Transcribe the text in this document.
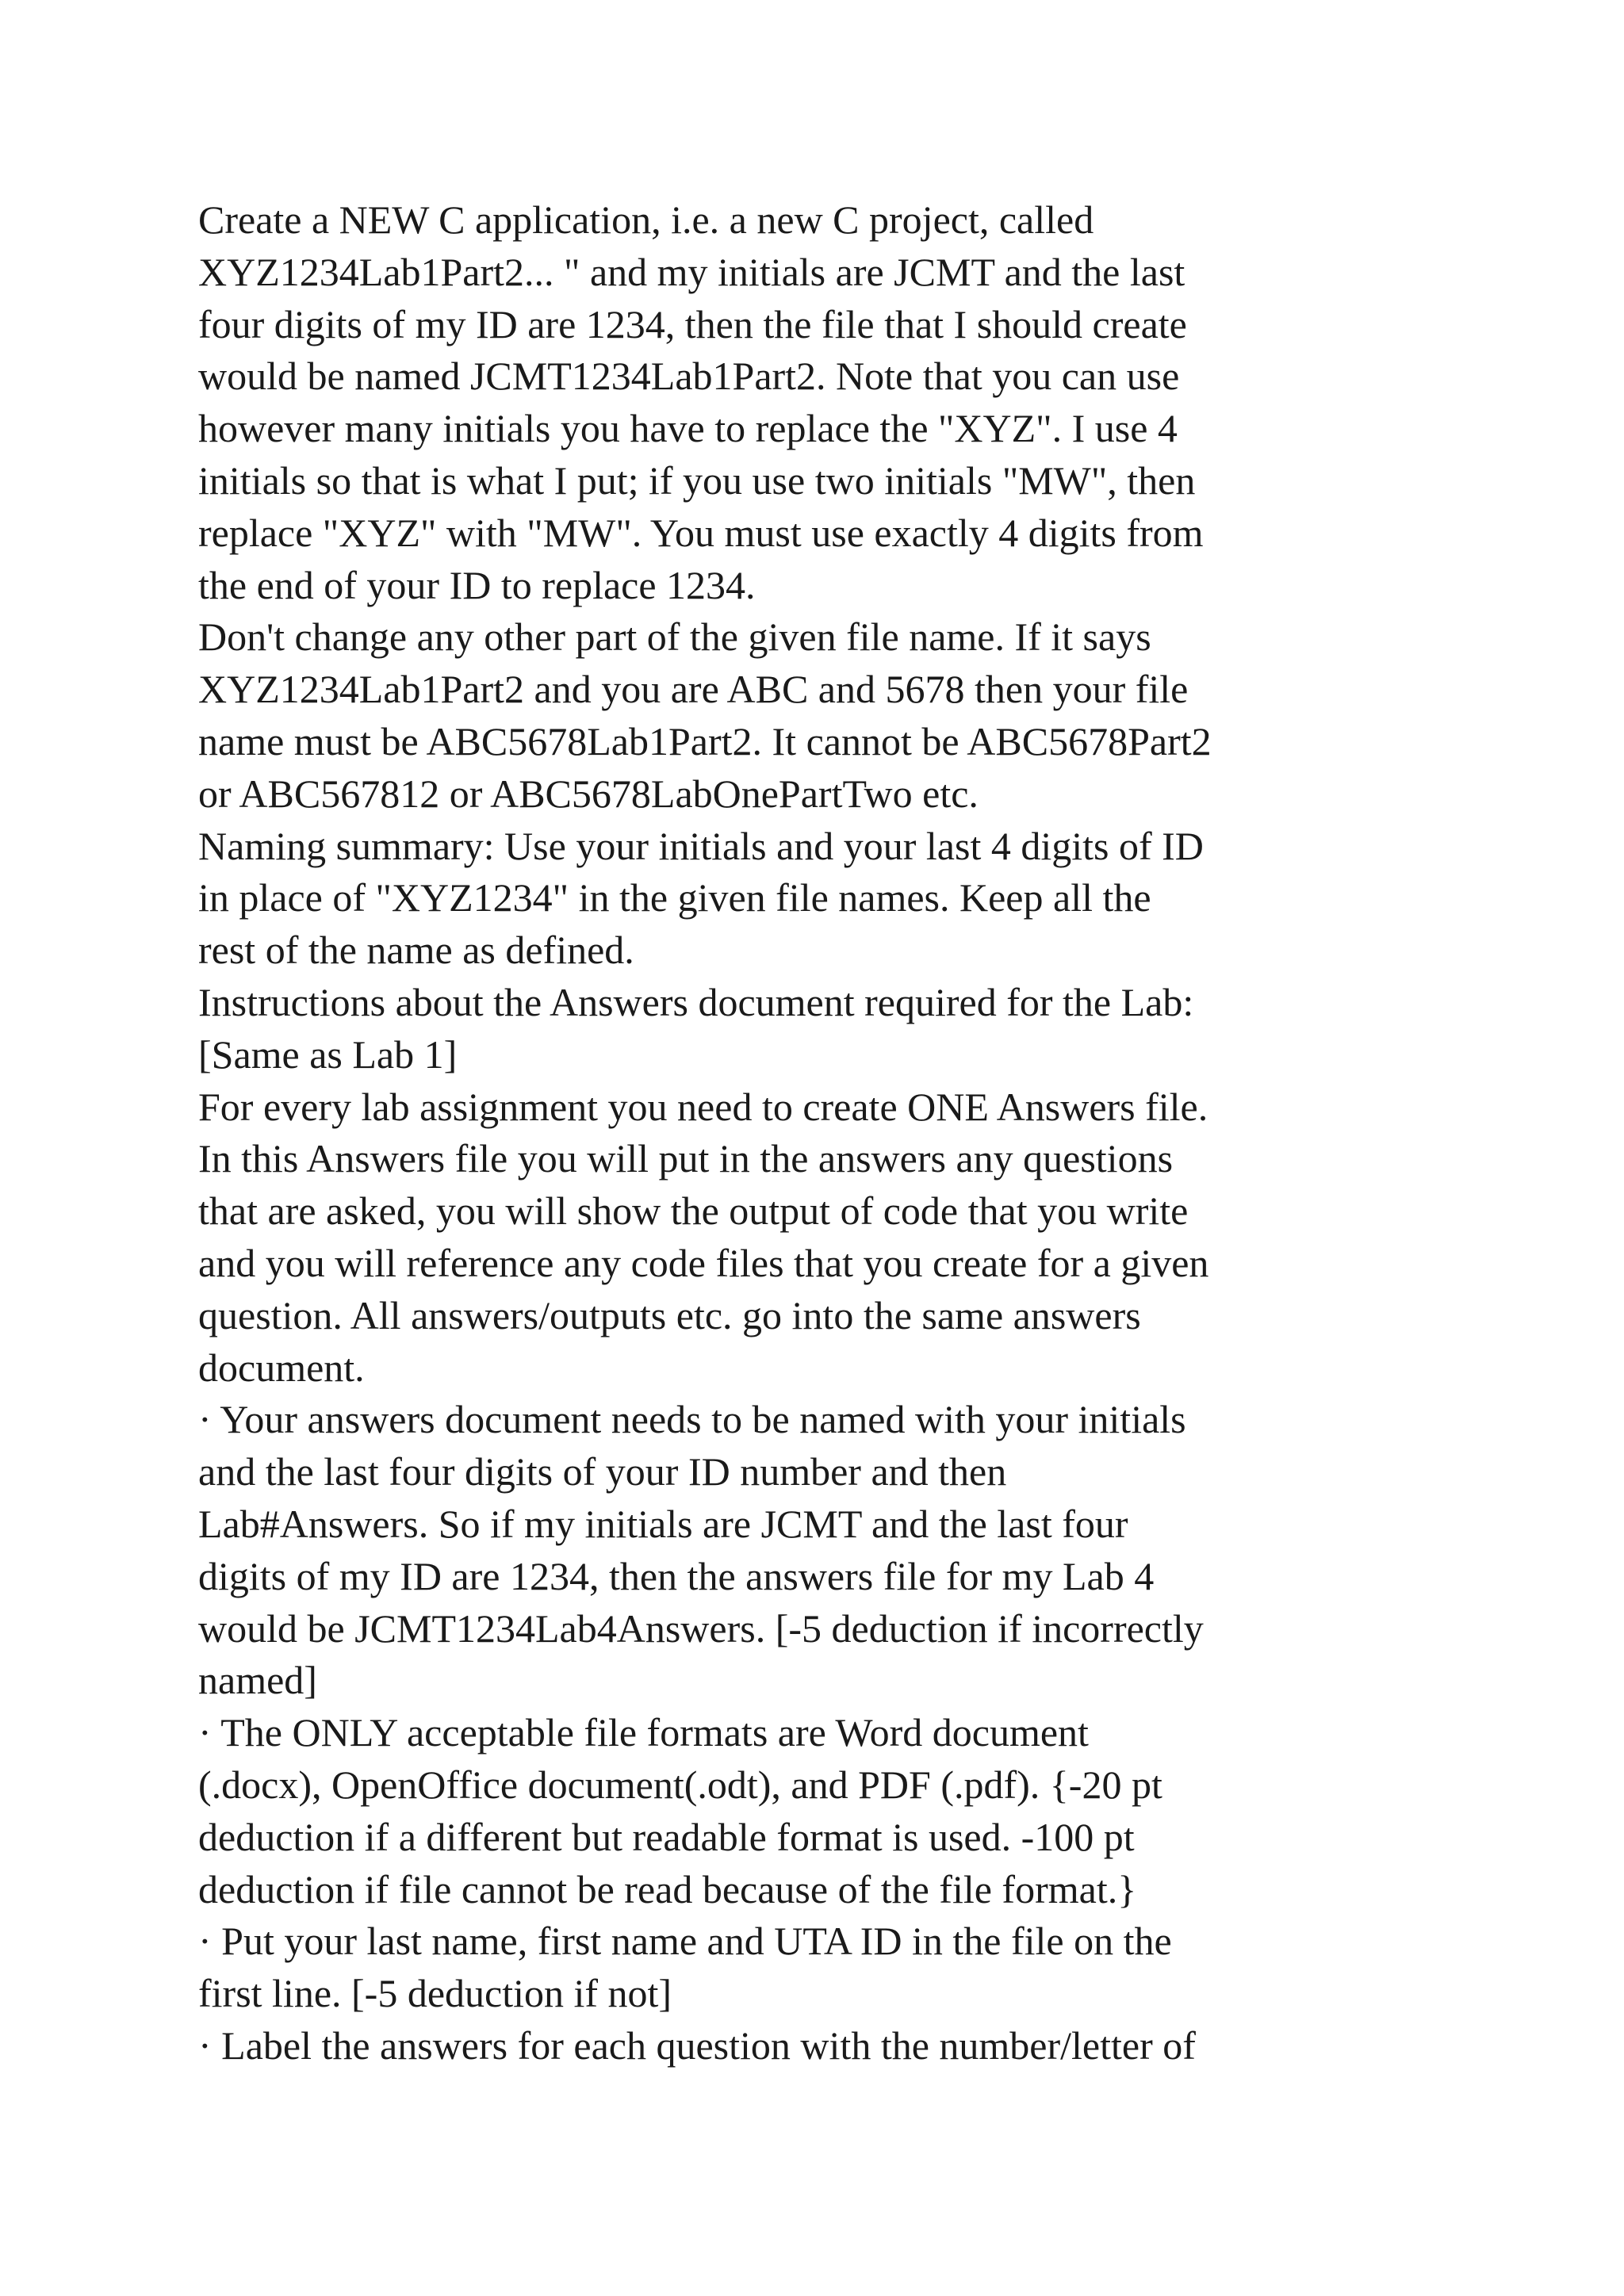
Create a NEW C application, i.e. a new C project, called
XYZ1234Lab1Part2... " and my initials are JCMT and the last
four digits of my ID are 1234, then the file that I should create
would be named JCMT1234Lab1Part2. Note that you can use
however many initials you have to replace the "XYZ". I use 4
initials so that is what I put; if you use two initials "MW", then
replace "XYZ" with "MW". You must use exactly 4 digits from
the end of your ID to replace 1234.
Don't change any other part of the given file name. If it says
XYZ1234Lab1Part2 and you are ABC and 5678 then your file
name must be ABC5678Lab1Part2. It cannot be ABC5678Part2
or ABC567812 or ABC5678LabOnePartTwo etc.
Naming summary: Use your initials and your last 4 digits of ID
in place of "XYZ1234" in the given file names. Keep all the
rest of the name as defined.
Instructions about the Answers document required for the Lab:
[Same as Lab 1]
For every lab assignment you need to create ONE Answers file.
In this Answers file you will put in the answers any questions
that are asked, you will show the output of code that you write
and you will reference any code files that you create for a given
question. All answers/outputs etc. go into the same answers
document.
· Your answers document needs to be named with your initials
and the last four digits of your ID number and then
Lab#Answers. So if my initials are JCMT and the last four
digits of my ID are 1234, then the answers file for my Lab 4
would be JCMT1234Lab4Answers. [-5 deduction if incorrectly
named]
· The ONLY acceptable file formats are Word document
(.docx), OpenOffice document(.odt), and PDF (.pdf). {-20 pt
deduction if a different but readable format is used. -100 pt
deduction if file cannot be read because of the file format.}
· Put your last name, first name and UTA ID in the file on the
first line. [-5 deduction if not]
· Label the answers for each question with the number/letter of
